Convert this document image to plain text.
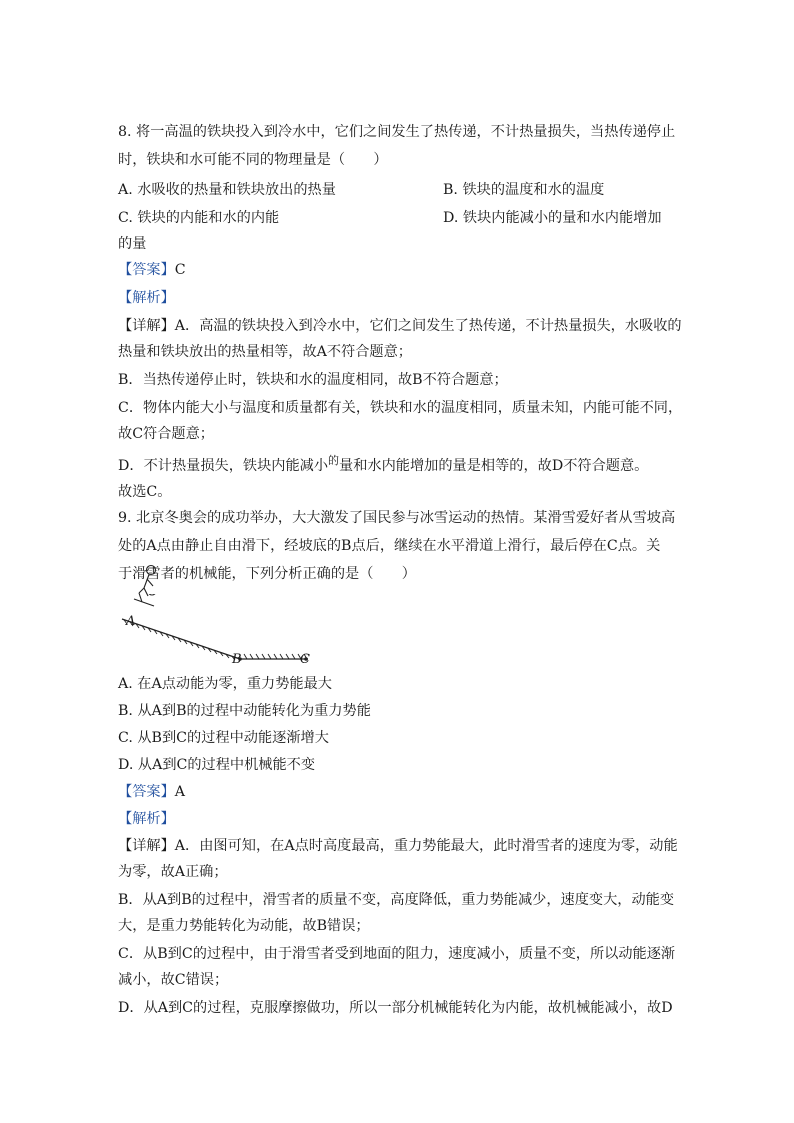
8. 将一高温的铁块投入到冷水中，它们之间发生了热传递，不计热量损失，当热传递停止
时，铁块和水可能不同的物理量是（　　）
A. 水吸收的热量和铁块放出的热量	B. 铁块的温度和水的温度
C. 铁块的内能和水的内能	D. 铁块内能减小的量和水内能增加
的量
【答案】C
【解析】
【详解】A．高温的铁块投入到冷水中，它们之间发生了热传递，不计热量损失，水吸收的
热量和铁块放出的热量相等，故A不符合题意；
B．当热传递停止时，铁块和水的温度相同，故B不符合题意；
C．物体内能大小与温度和质量都有关，铁块和水的温度相同，质量未知，内能可能不同，
故C符合题意；
D．不计热量损失，铁块内能减小$^的$量和水内能增加的量是相等的，故D不符合题意。
故选C。
9. 北京冬奥会的成功举办，大大激发了国民参与冰雪运动的热情。某滑雪爱好者从雪坡高
处的A点由静止自由滑下，经坡底的B点后，继续在水平滑道上滑行，最后停在C点。关
于滑雪者的机械能，下列分析正确的是（　　）
A
B	C
A. 在A点动能为零，重力势能最大
B. 从A到B的过程中动能转化为重力势能
C. 从B到C的过程中动能逐渐增大
D. 从A到C的过程中机械能不变
【答案】A
【解析】
【详解】A．由图可知，在A点时高度最高，重力势能最大，此时滑雪者的速度为零，动能
为零，故A正确；
B．从A到B的过程中，滑雪者的质量不变，高度降低，重力势能减少，速度变大，动能变
大，是重力势能转化为动能，故B错误；
C．从B到C的过程中，由于滑雪者受到地面的阻力，速度减小，质量不变，所以动能逐渐
减小，故C错误；
D．从A到C的过程，克服摩擦做功，所以一部分机械能转化为内能，故机械能减小，故D
